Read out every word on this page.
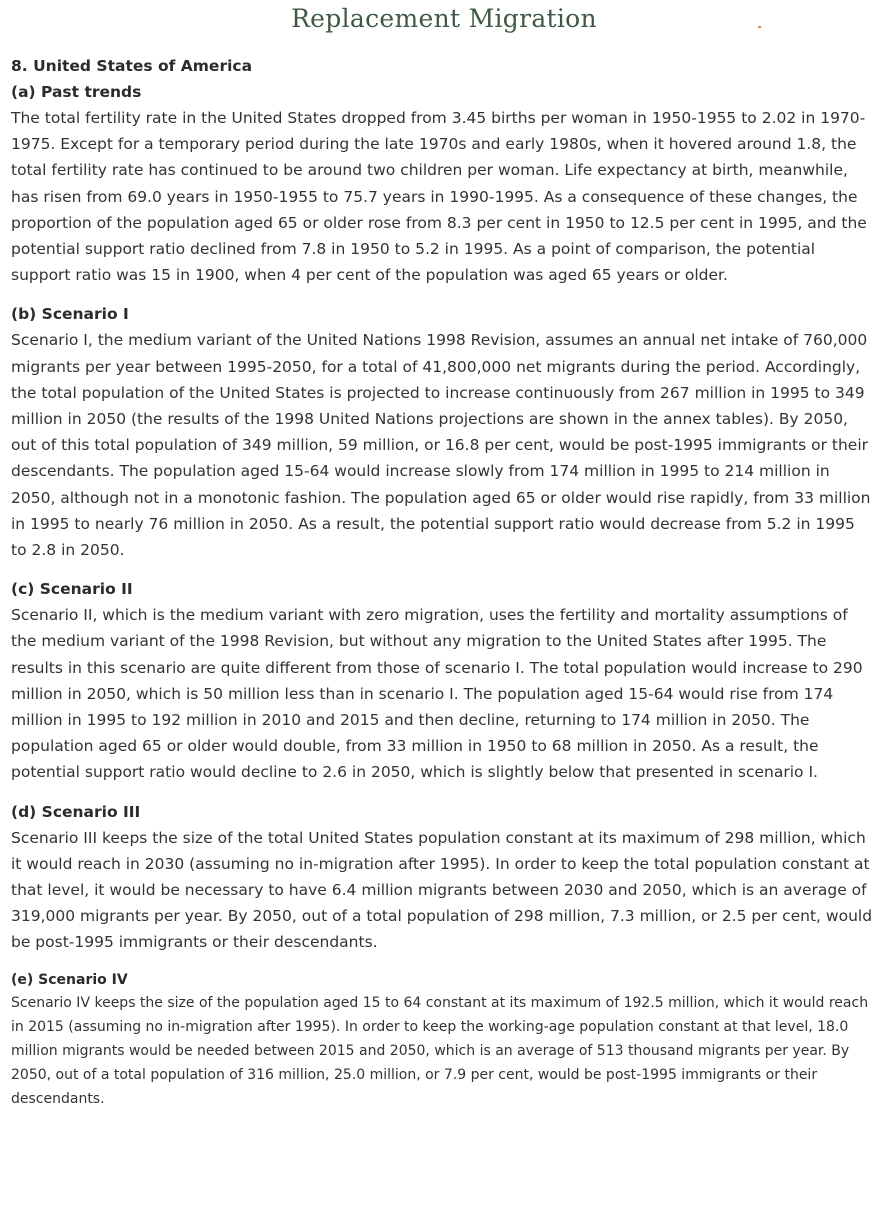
Replacement Migration
8. United States of America
(a) Past trends

The total fertility rate in the United States dropped from 3.45 births per woman in 1950-1955 to 2.02 in 1970-1975. Except for a temporary period during the late 1970s and early 1980s, when it hovered around 1.8, the total fertility rate has continued to be around two children per woman. Life expectancy at birth, meanwhile, has risen from 69.0 years in 1950-1955 to 75.7 years in 1990-1995. As a consequence of these changes, the proportion of the population aged 65 or older rose from 8.3 per cent in 1950 to 12.5 per cent in 1995, and the potential support ratio declined from 7.8 in 1950 to 5.2 in 1995. As a point of comparison, the potential support ratio was 15 in 1900, when 4 per cent of the population was aged 65 years or older.

(b) Scenario I

Scenario I, the medium variant of the United Nations 1998 Revision, assumes an annual net intake of 760,000 migrants per year between 1995-2050, for a total of 41,800,000 net migrants during the period. Accordingly, the total population of the United States is projected to increase continuously from 267 million in 1995 to 349 million in 2050 (the results of the 1998 United Nations projections are shown in the annex tables). By 2050, out of this total population of 349 million, 59 million, or 16.8 per cent, would be post-1995 immigrants or their descendants. The population aged 15-64 would increase slowly from 174 million in 1995 to 214 million in 2050, although not in a monotonic fashion. The population aged 65 or older would rise rapidly, from 33 million in 1995 to nearly 76 million in 2050. As a result, the potential support ratio would decrease from 5.2 in 1995 to 2.8 in 2050.

(c) Scenario II

Scenario II, which is the medium variant with zero migration, uses the fertility and mortality assumptions of the medium variant of the 1998 Revision, but without any migration to the United States after 1995. The results in this scenario are quite different from those of scenario I. The total population would increase to 290 million in 2050, which is 50 million less than in scenario I. The population aged 15-64 would rise from 174 million in 1995 to 192 million in 2010 and 2015 and then decline, returning to 174 million in 2050. The population aged 65 or older would double, from 33 million in 1950 to 68 million in 2050. As a result, the potential support ratio would decline to 2.6 in 2050, which is slightly below that presented in scenario I.

(d) Scenario III

Scenario III keeps the size of the total United States population constant at its maximum of 298 million, which it would reach in 2030 (assuming no in-migration after 1995). In order to keep the total population constant at that level, it would be necessary to have 6.4 million migrants between 2030 and 2050, which is an average of 319,000 migrants per year. By 2050, out of a total population of 298 million, 7.3 million, or 2.5 per cent, would be post-1995 immigrants or their descendants.

(e) Scenario IV

Scenario IV keeps the size of the population aged 15 to 64 constant at its maximum of 192.5 million, which it would reach in 2015 (assuming no in-migration after 1995). In order to keep the working-age population constant at that level, 18.0 million migrants would be needed between 2015 and 2050, which is an average of 513 thousand migrants per year. By 2050, out of a total population of 316 million, 25.0 million, or 7.9 per cent, would be post-1995 immigrants or their descendants.
